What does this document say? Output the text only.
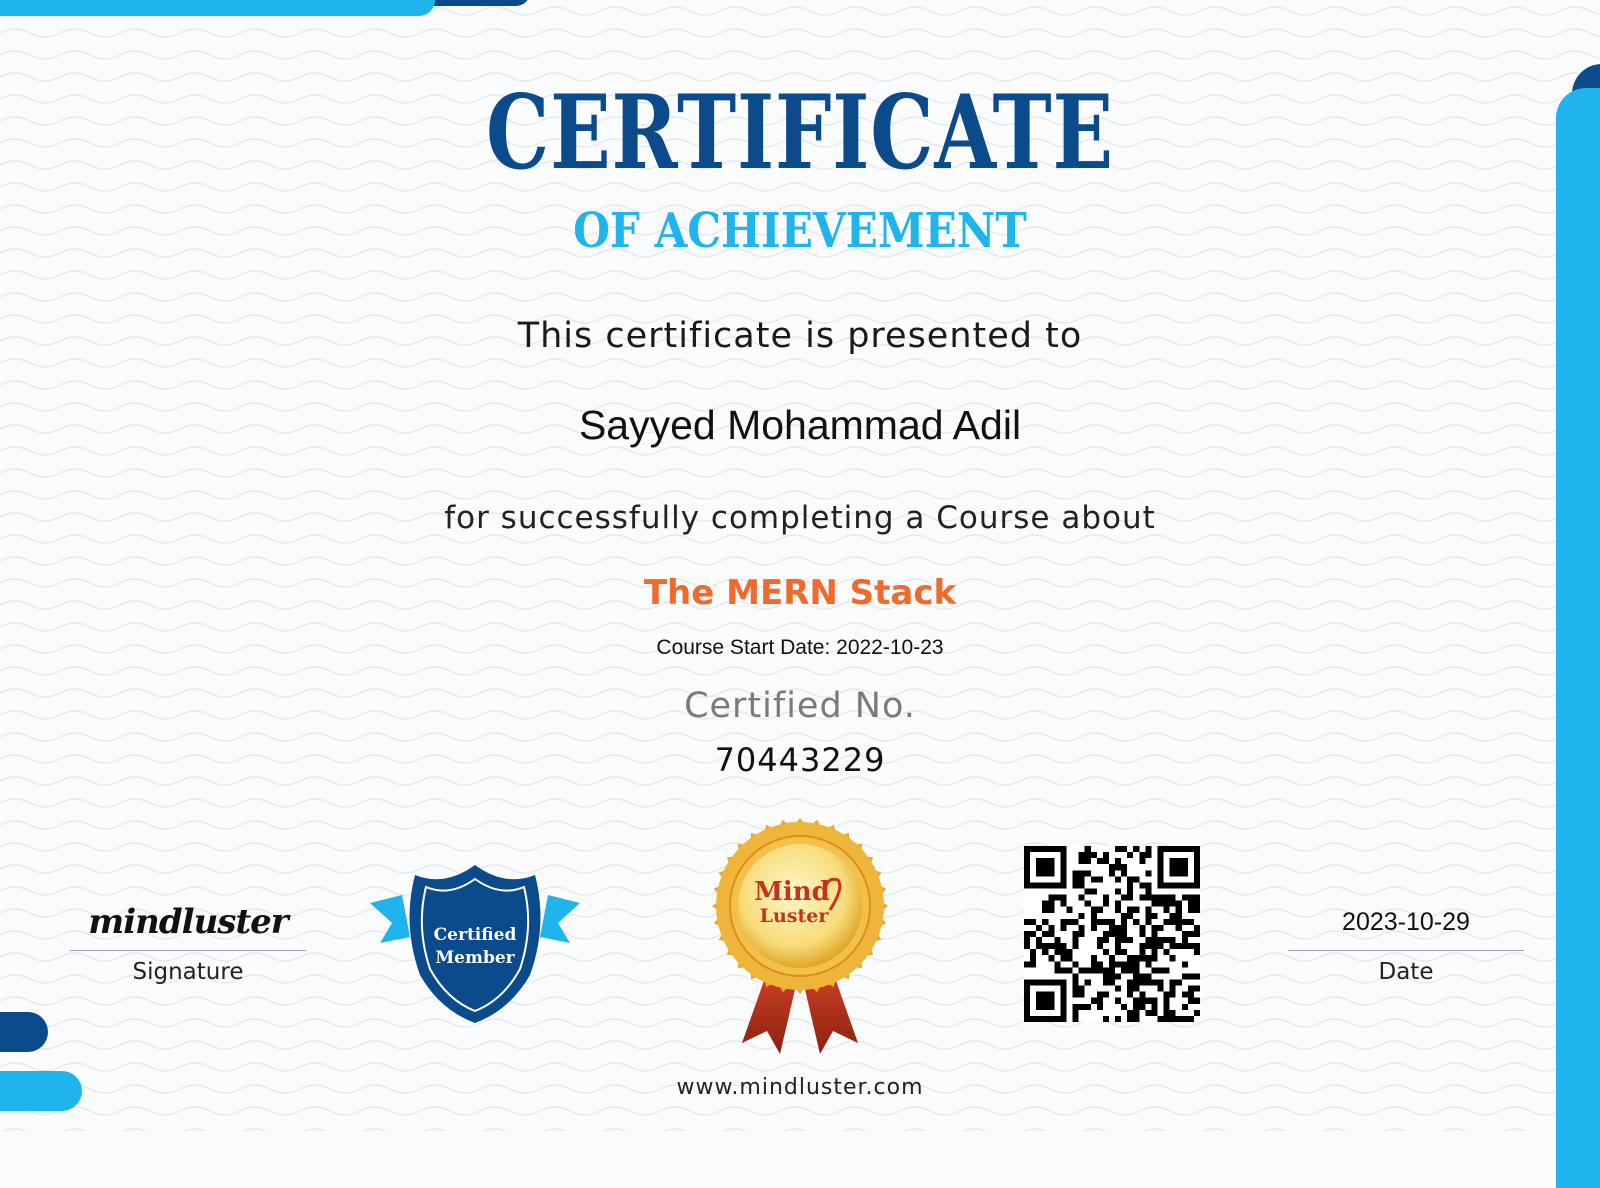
CERTIFICATE
OF ACHIEVEMENT
This certificate is presented to
Sayyed Mohammad Adil
for successfully completing a Course about
The MERN Stack
Course Start Date: 2022-10-23
Certified No.
70443229
mindluster
Signature
Certified
Member
Mind
Luster	2023-10-29
Date
www.mindluster.com
